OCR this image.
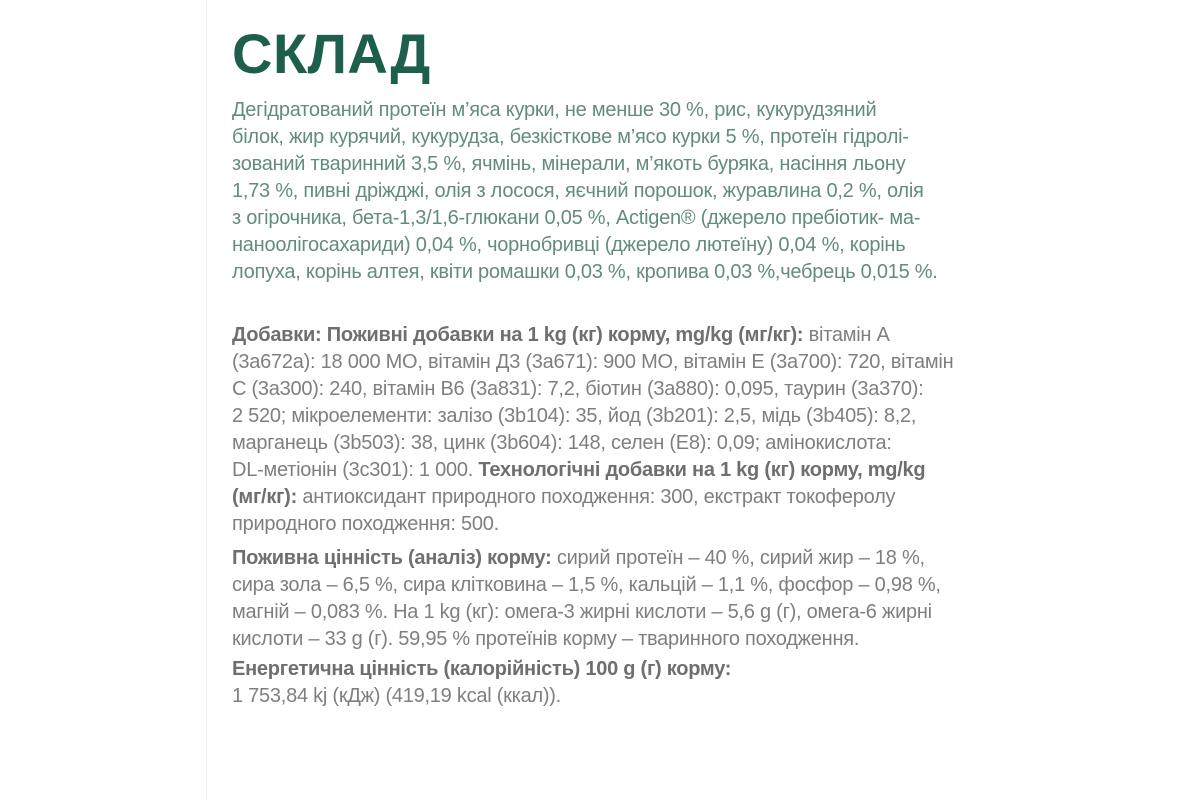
СКЛАД
Дегідратований протеїн м’яса курки, не менше 30 %, рис, кукурудзяний
білок, жир курячий, кукурудза, безкісткове м’ясо курки 5 %, протеїн гідролі-
зований тваринний 3,5 %, ячмінь, мінерали, м’якоть буряка, насіння льону
1,73 %, пивні дріжджі, олія з лосося, яєчний порошок, журавлина 0,2 %, олія
з огірочника, бета-1,3/1,6-глюкани 0,05 %, Actigen® (джерело пребіотик- ма-
наноолігосахариди) 0,04 %, чорнобривці (джерело лютеїну) 0,04 %, корінь
лопуха, корінь алтея, квіти ромашки 0,03 %, кропива 0,03 %,чебрець 0,015 %.
Добавки: Поживні добавки на 1 kg (кг) корму, mg/kg (мг/кг): вітамін А
(3а672а): 18 000 МО, вітамін Д3 (3а671): 900 МО, вітамін Е (3а700): 720, вітамін
С (3а300): 240, вітамін В6 (3а831): 7,2, біотин (3а880): 0,095, таурин (3а370):
2 520; мікроелементи: залізо (3b104): 35, йод (3b201): 2,5, мідь (3b405): 8,2,
марганець (3b503): 38, цинк (3b604): 148, селен (Е8): 0,09; амінокислота:
DL-метіонін (3с301): 1 000. Технологічні добавки на 1 kg (кг) корму, mg/kg
(мг/кг): антиоксидант природного походження: 300, екстракт токоферолу
природного походження: 500.
Поживна цінність (аналіз) корму: сирий протеїн – 40 %, сирий жир – 18 %,
сира зола – 6,5 %, сира клітковина – 1,5 %, кальцій – 1,1 %, фосфор – 0,98 %,
магній – 0,083 %. На 1 kg (кг): омега-3 жирні кислоти – 5,6 g (г), омега-6 жирні
кислоти – 33 g (г). 59,95 % протеїнів корму – тваринного походження.
Енергетична цінність (калорійність) 100 g (г) корму:
1 753,84 kj (кДж) (419,19 kcal (ккал)).
